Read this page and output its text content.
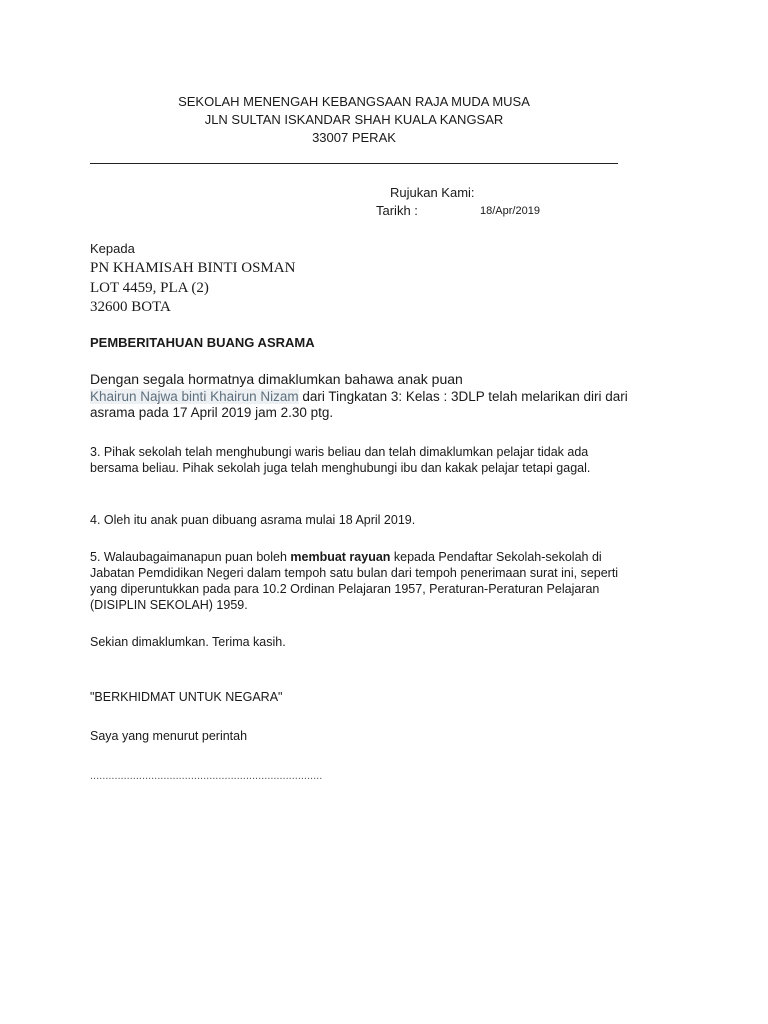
SEKOLAH MENENGAH KEBANGSAAN RAJA MUDA MUSA
JLN SULTAN ISKANDAR SHAH KUALA KANGSAR
33007 PERAK
Rujukan Kami:
Tarikh :	18/Apr/2019
Kepada
PN KHAMISAH BINTI OSMAN
LOT 4459, PLA (2)
32600 BOTA
PEMBERITAHUAN BUANG ASRAMA
Dengan segala hormatnya dimaklumkan bahawa anak puan
Khairun Najwa binti Khairun Nizam dari Tingkatan 3: Kelas : 3DLP telah melarikan diri dari asrama pada 17 April 2019 jam 2.30 ptg.
3. Pihak sekolah telah menghubungi waris beliau dan telah dimaklumkan pelajar tidak ada bersama beliau. Pihak sekolah juga telah menghubungi ibu dan kakak pelajar tetapi gagal.
4. Oleh itu anak puan dibuang asrama mulai 18 April 2019.
5. Walaubagaimanapun puan boleh membuat rayuan kepada Pendaftar Sekolah-sekolah di Jabatan Pemdidikan Negeri dalam tempoh satu bulan dari tempoh penerimaan surat ini, seperti yang diperuntukkan pada para 10.2 Ordinan Pelajaran 1957, Peraturan-Peraturan Pelajaran (DISIPLIN SEKOLAH) 1959.
Sekian dimaklumkan. Terima kasih.
"BERKHIDMAT UNTUK NEGARA"
Saya yang menurut perintah
............................................................................
